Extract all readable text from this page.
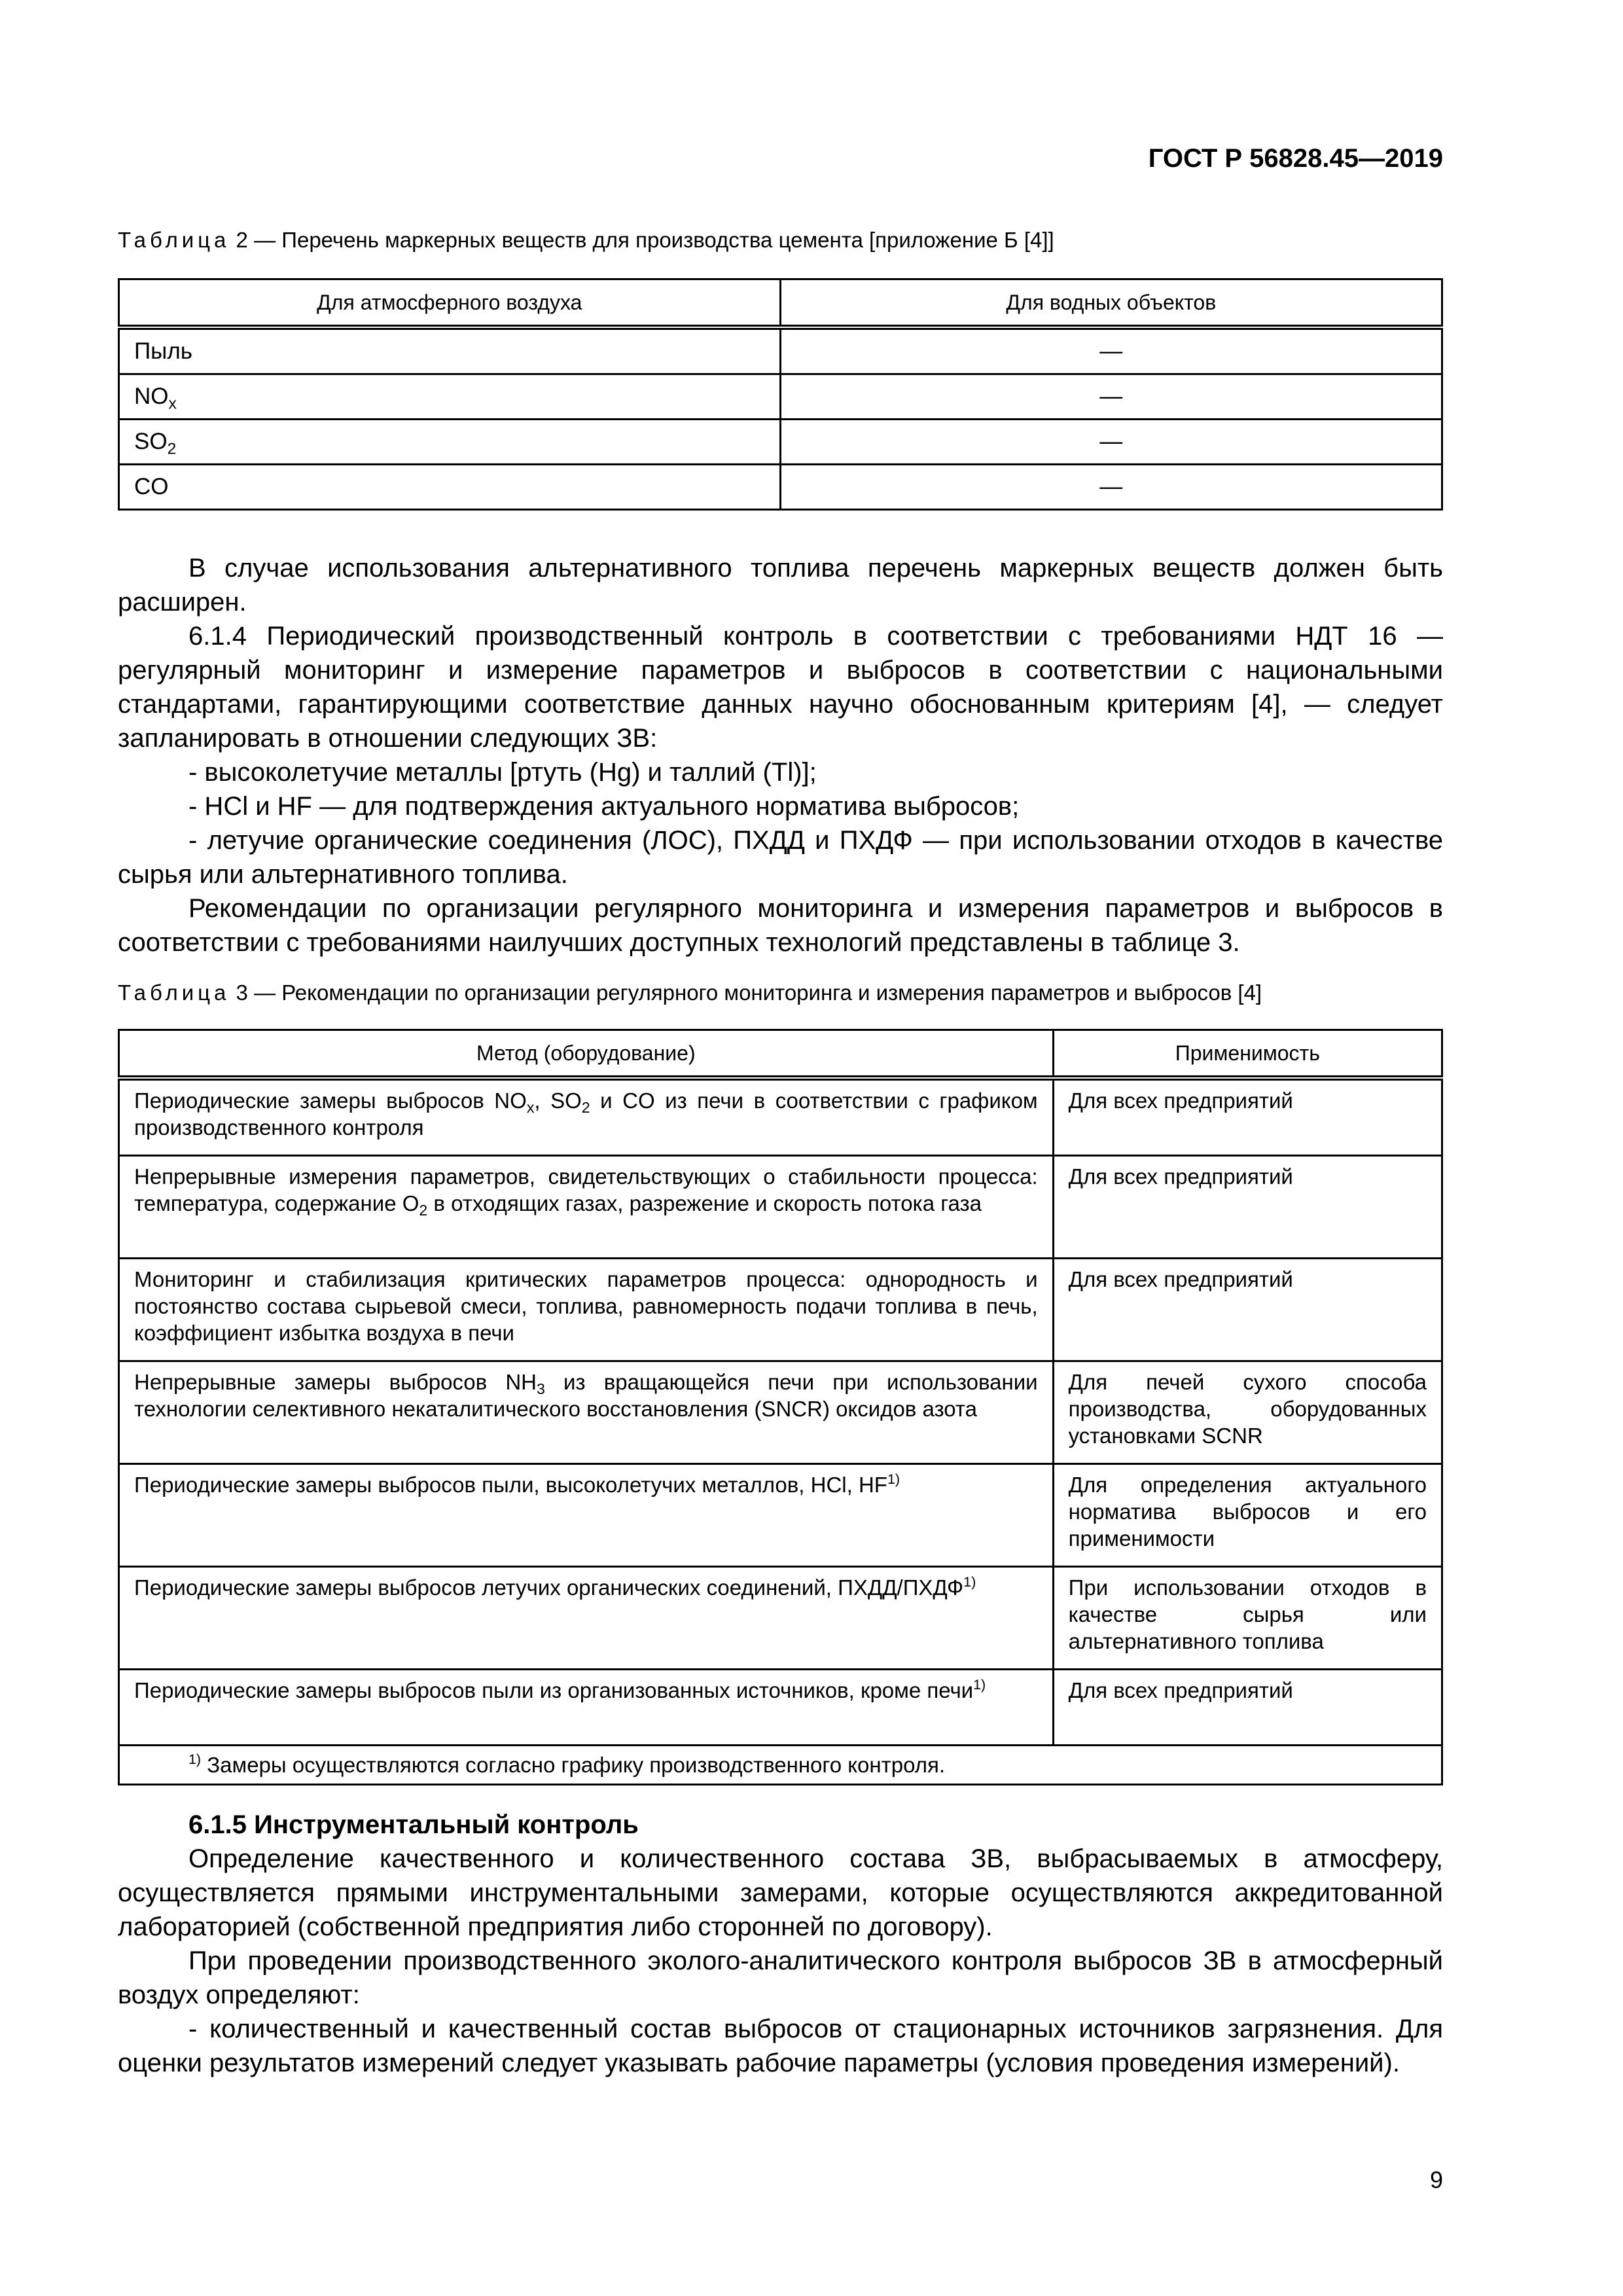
ГОСТ Р 56828.45—2019
Таблица 2 — Перечень маркерных веществ для производства цемента [приложение Б [4]]
Для атмосферного воздуха	Для водных объектов
Пыль	—
$NO_x$	—
$SO_2$	—
CO	—

В случае использования альтернативного топлива перечень маркерных веществ должен быть расширен.

6.1.4 Периодический производственный контроль в соответствии с требованиями НДТ 16 — регулярный мониторинг и измерение параметров и выбросов в соответствии с национальными стандартами, гарантирующими соответствие данных научно обоснованным критериям [4], — следует запланировать в отношении следующих ЗВ:

- высоколетучие металлы [ртуть (Hg) и таллий (Tl)];

- HCl и HF — для подтверждения актуального норматива выбросов;

- летучие органические соединения (ЛОС), ПХДД и ПХДФ — при использовании отходов в качестве сырья или альтернативного топлива.

Рекомендации по организации регулярного мониторинга и измерения параметров и выбросов в соответствии с требованиями наилучших доступных технологий представлены в таблице 3.

Таблица 3 — Рекомендации по организации регулярного мониторинга и измерения параметров и выбросов [4]
Метод (оборудование)	Применимость
Периодические замеры выбросов $NO_x$, $SO_2$ и CO из печи в соответствии с графиком производственного контроля	Для всех предприятий
Непрерывные измерения параметров, свидетельствующих о стабильности процесса: температура, содержание $O_2$ в отходящих газах, разрежение и скорость потока газа	Для всех предприятий
Мониторинг и стабилизация критических параметров процесса: однородность и постоянство состава сырьевой смеси, топлива, равномерность подачи топлива в печь, коэффициент избытка воздуха в печи	Для всех предприятий
Непрерывные замеры выбросов $NH_3$ из вращающейся печи при использовании технологии селективного некаталитического восстановления (SNCR) оксидов азота	Для печей сухого способа производства, оборудованных установками SCNR
Периодические замеры выбросов пыли, высоколетучих металлов, HCl, HF$^{1)}$	Для определения актуального норматива выбросов и его применимости
Периодические замеры выбросов летучих органических соединений, ПХДД/ПХДФ$^{1)}$	При использовании отходов в качестве сырья или альтернативного топлива
Периодические замеры выбросов пыли из организованных источников, кроме печи$^{1)}$	Для всех предприятий
$^{1)}$ Замеры осуществляются согласно графику производственного контроля.	

6.1.5 Инструментальный контроль

Определение качественного и количественного состава ЗВ, выбрасываемых в атмосферу, осуществляется прямыми инструментальными замерами, которые осуществляются аккредитованной лабораторией (собственной предприятия либо сторонней по договору).

При проведении производственного эколого-аналитического контроля выбросов ЗВ в атмосферный воздух определяют:

- количественный и качественный состав выбросов от стационарных источников загрязнения. Для оценки результатов измерений следует указывать рабочие параметры (условия проведения измерений).

9
